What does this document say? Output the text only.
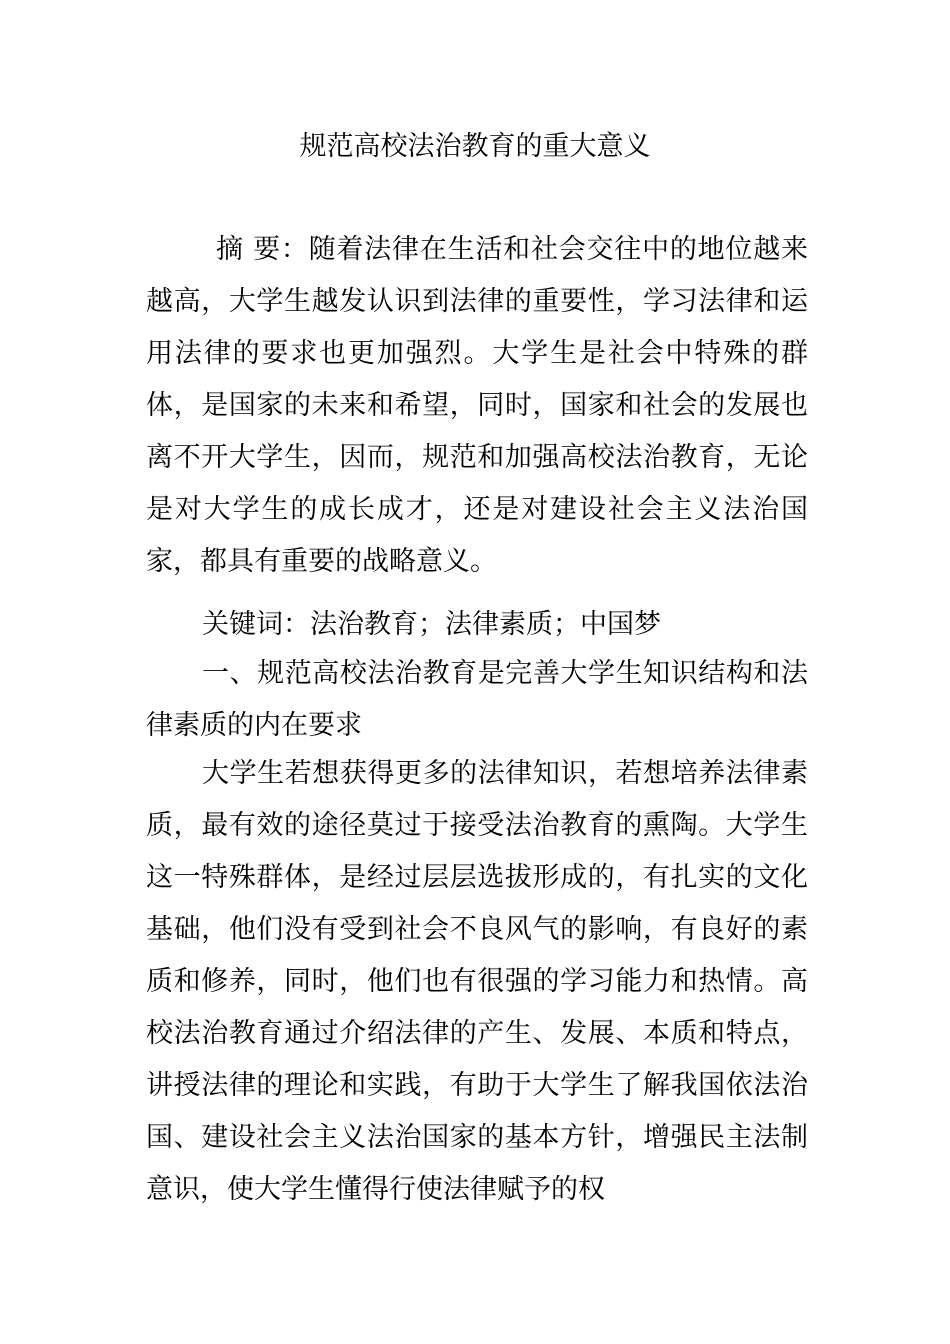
规范高校法治教育的重大意义

摘 要：随着法律在生活和社会交往中的地位越来越高，大学生越发认识到法律的重要性，学习法律和运用法律的要求也更加强烈。大学生是社会中特殊的群体，是国家的未来和希望，同时，国家和社会的发展也离不开大学生，因而，规范和加强高校法治教育，无论是对大学生的成长成才，还是对建设社会主义法治国家，都具有重要的战略意义。

关键词：法治教育；法律素质；中国梦

一、规范高校法治教育是完善大学生知识结构和法律素质的内在要求

大学生若想获得更多的法律知识，若想培养法律素质，最有效的途径莫过于接受法治教育的熏陶。大学生这一特殊群体，是经过层层选拔形成的，有扎实的文化基础，他们没有受到社会不良风气的影响，有良好的素质和修养，同时，他们也有很强的学习能力和热情。高校法治教育通过介绍法律的产生、发展、本质和特点，讲授法律的理论和实践，有助于大学生了解我国依法治国、建设社会主义法治国家的基本方针，增强民主法制意识，使大学生懂得行使法律赋予的权
